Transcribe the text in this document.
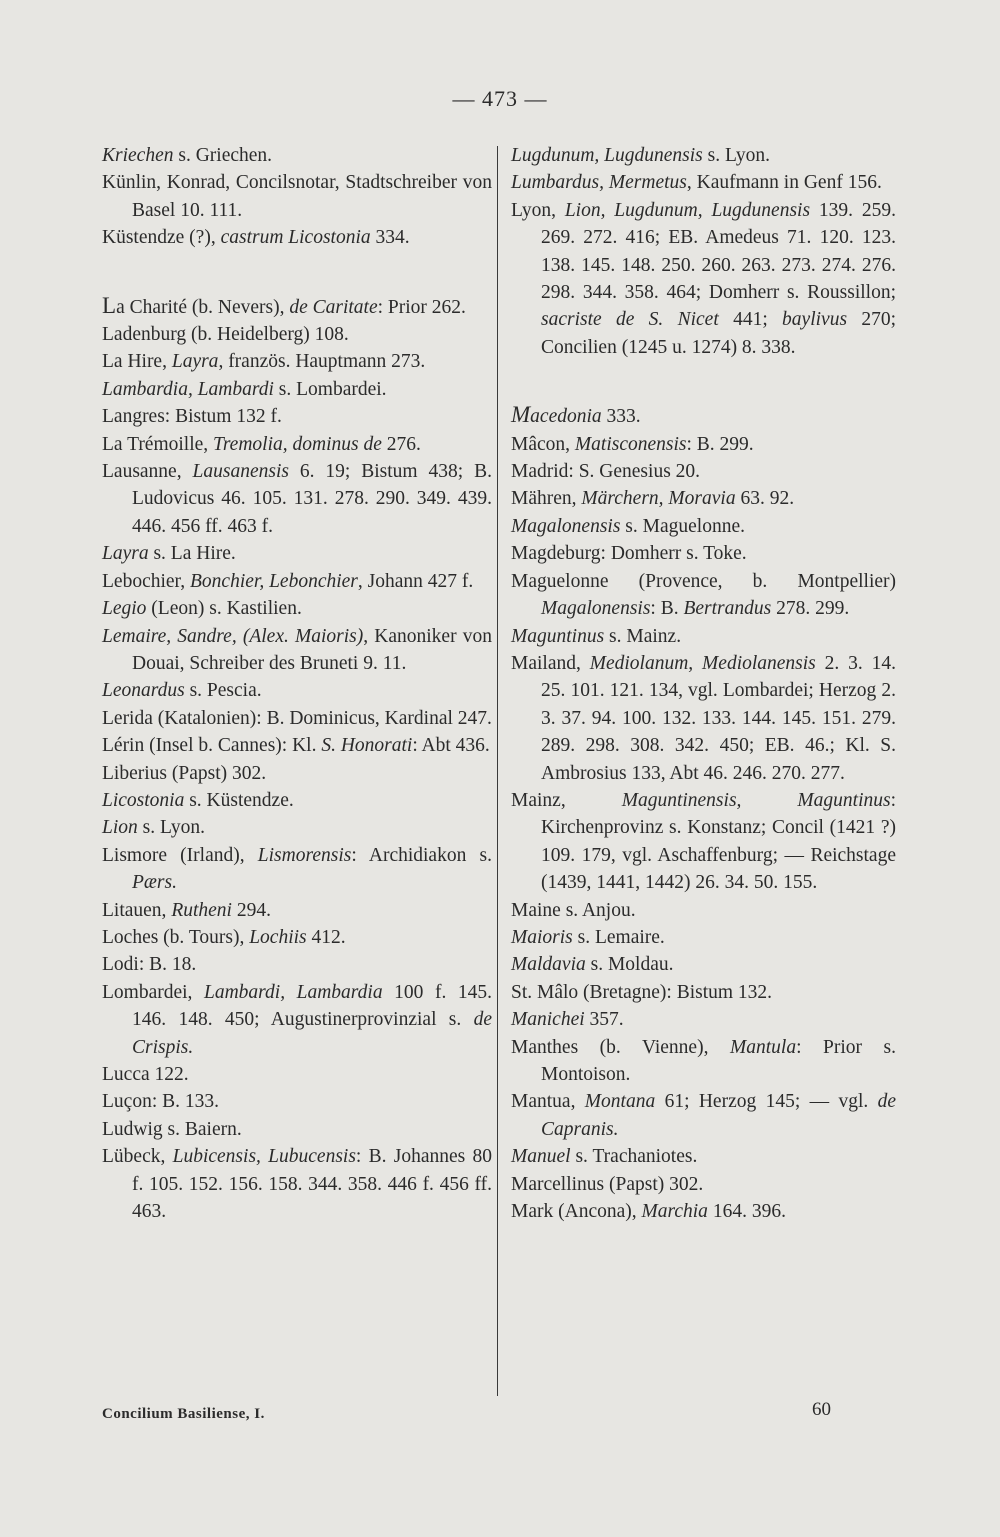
— 473 —

Kriechen s. Griechen.

Künlin, Konrad, Concilsnotar, Stadtschreiber von Basel 10. 111.

Küstendze (?), castrum Licostonia 334.

La Charité (b. Nevers), de Caritate: Prior 262.

Ladenburg (b. Heidelberg) 108.

La Hire, Layra, französ. Hauptmann 273.

Lambardia, Lambardi s. Lombardei.

Langres: Bistum 132 f.

La Trémoille, Tremolia, dominus de 276.

Lausanne, Lausanensis 6. 19; Bistum 438; B. Ludovicus 46. 105. 131. 278. 290. 349. 439. 446. 456 ff. 463 f.

Layra s. La Hire.

Lebochier, Bonchier, Lebonchier, Johann 427 f.

Legio (Leon) s. Kastilien.

Lemaire, Sandre, (Alex. Maioris), Kanoniker von Douai, Schreiber des Bruneti 9. 11.

Leonardus s. Pescia.

Lerida (Katalonien): B. Dominicus, Kardinal 247.

Lérin (Insel b. Cannes): Kl. S. Honorati: Abt 436.

Liberius (Papst) 302.

Licostonia s. Küstendze.

Lion s. Lyon.

Lismore (Irland), Lismorensis: Archidiakon s. Pærs.

Litauen, Rutheni 294.

Loches (b. Tours), Lochiis 412.

Lodi: B. 18.

Lombardei, Lambardi, Lambardia 100 f. 145. 146. 148. 450; Augustinerprovinzial s. de Crispis.

Lucca 122.

Luçon: B. 133.

Ludwig s. Baiern.

Lübeck, Lubicensis, Lubucensis: B. Johannes 80 f. 105. 152. 156. 158. 344. 358. 446 f. 456 ff. 463.

Lugdunum, Lugdunensis s. Lyon.

Lumbardus, Mermetus, Kaufmann in Genf 156.

Lyon, Lion, Lugdunum, Lugdunensis 139. 259. 269. 272. 416; EB. Amedeus 71. 120. 123. 138. 145. 148. 250. 260. 263. 273. 274. 276. 298. 344. 358. 464; Domherr s. Roussillon; sacriste de S. Nicet 441; baylivus 270; Concilien (1245 u. 1274) 8. 338.

Macedonia 333.

Mâcon, Matisconensis: B. 299.

Madrid: S. Genesius 20.

Mähren, Märchern, Moravia 63. 92.

Magalonensis s. Maguelonne.

Magdeburg: Domherr s. Toke.

Maguelonne (Provence, b. Montpellier) Magalonensis: B. Bertrandus 278. 299.

Maguntinus s. Mainz.

Mailand, Mediolanum, Mediolanensis 2. 3. 14. 25. 101. 121. 134, vgl. Lombardei; Herzog 2. 3. 37. 94. 100. 132. 133. 144. 145. 151. 279. 289. 298. 308. 342. 450; EB. 46.; Kl. S. Ambrosius 133, Abt 46. 246. 270. 277.

Mainz, Maguntinensis, Maguntinus: Kirchenprovinz s. Konstanz; Concil (1421 ?) 109. 179, vgl. Aschaffenburg; — Reichstage (1439, 1441, 1442) 26. 34. 50. 155.

Maine s. Anjou.

Maioris s. Lemaire.

Maldavia s. Moldau.

St. Mâlo (Bretagne): Bistum 132.

Manichei 357.

Manthes (b. Vienne), Mantula: Prior s. Montoison.

Mantua, Montana 61; Herzog 145; — vgl. de Capranis.

Manuel s. Trachaniotes.

Marcellinus (Papst) 302.

Mark (Ancona), Marchia 164. 396.

Concilium Basiliense, I.	60
